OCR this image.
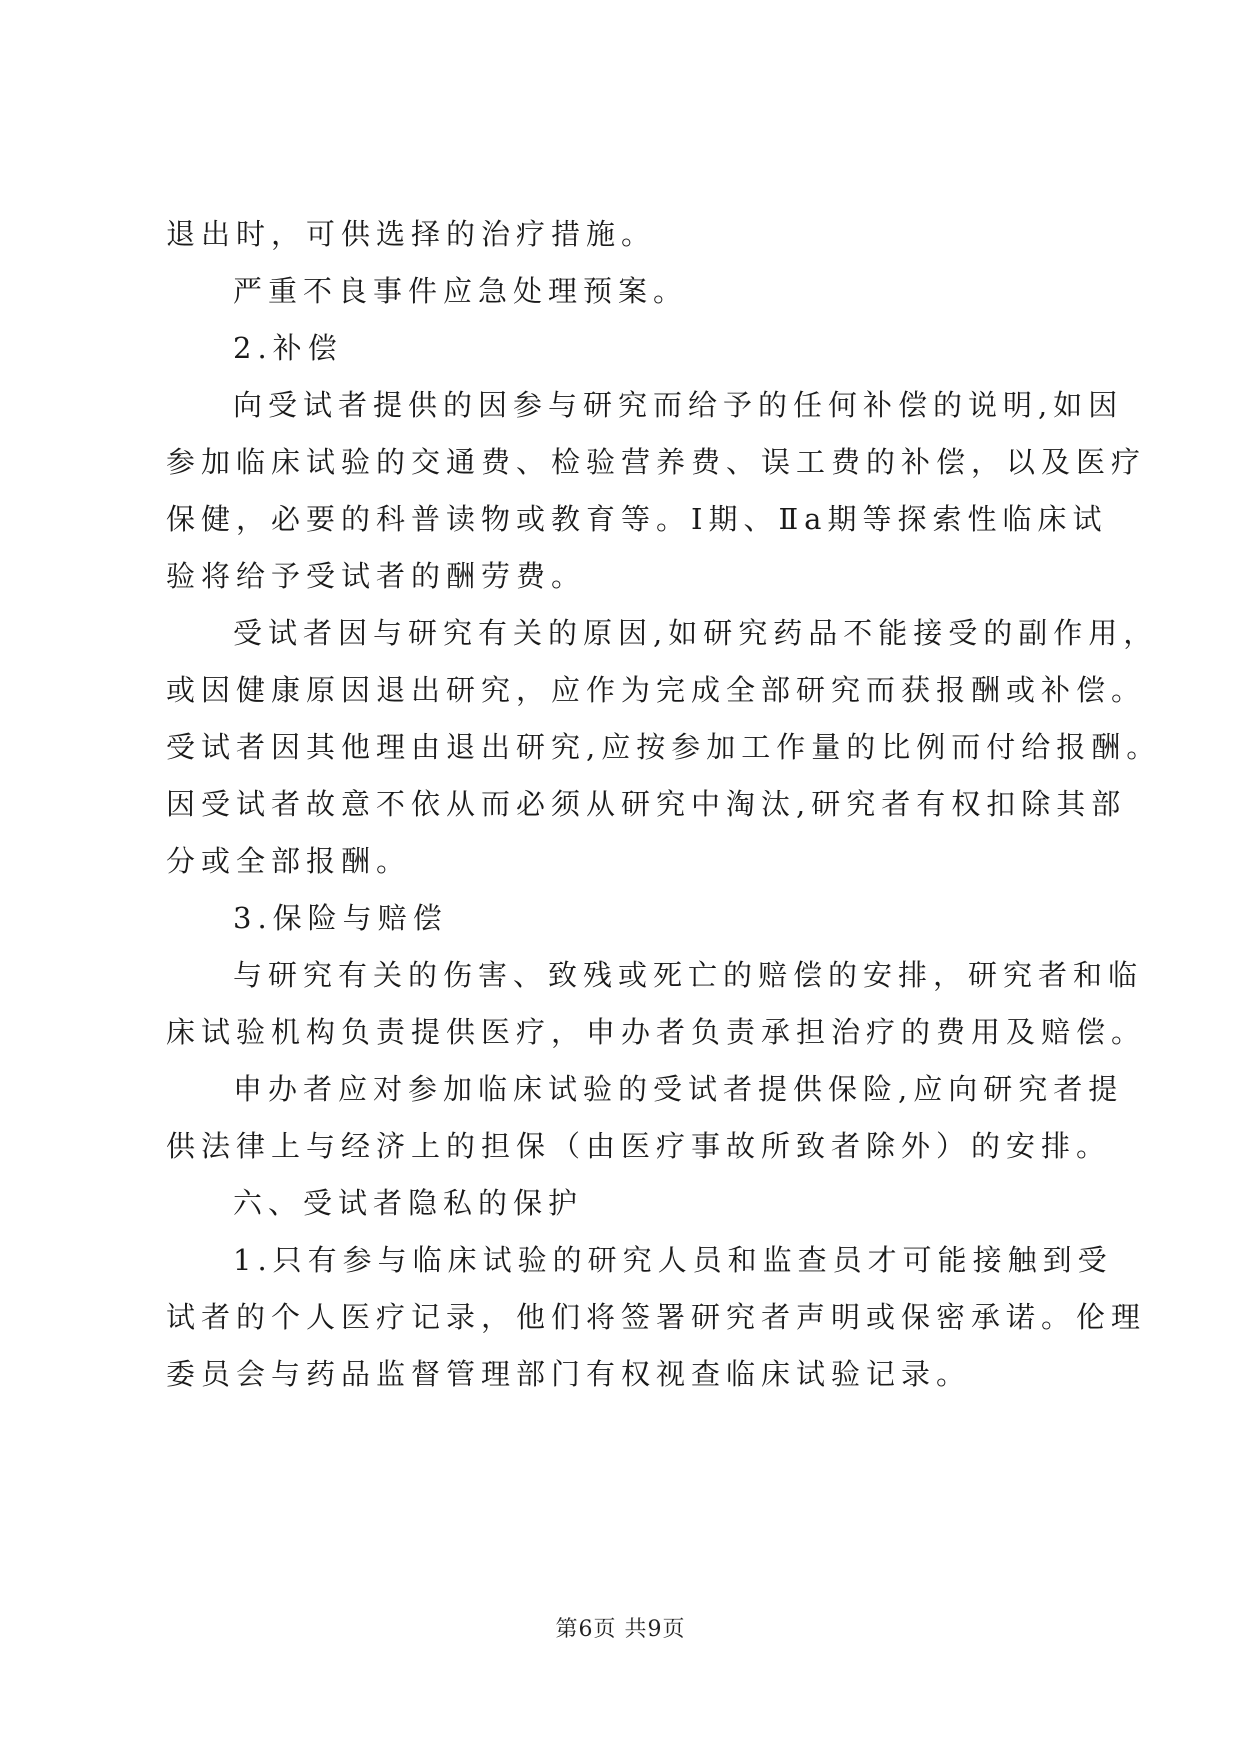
退出时，可供选择的治疗措施。
严重不良事件应急处理预案。
2.补偿
向受试者提供的因参与研究而给予的任何补偿的说明,如因
参加临床试验的交通费、检验营养费、误工费的补偿，以及医疗
保健，必要的科普读物或教育等。Ⅰ期、Ⅱa期等探索性临床试
验将给予受试者的酬劳费。
受试者因与研究有关的原因,如研究药品不能接受的副作用，
或因健康原因退出研究，应作为完成全部研究而获报酬或补偿。
受试者因其他理由退出研究,应按参加工作量的比例而付给报酬。
因受试者故意不依从而必须从研究中淘汰,研究者有权扣除其部
分或全部报酬。
3.保险与赔偿
与研究有关的伤害、致残或死亡的赔偿的安排，研究者和临
床试验机构负责提供医疗，申办者负责承担治疗的费用及赔偿。
申办者应对参加临床试验的受试者提供保险,应向研究者提
供法律上与经济上的担保（由医疗事故所致者除外）的安排。
六、受试者隐私的保护
1.只有参与临床试验的研究人员和监查员才可能接触到受
试者的个人医疗记录，他们将签署研究者声明或保密承诺。伦理
委员会与药品监督管理部门有权视查临床试验记录。
第6页 共9页
